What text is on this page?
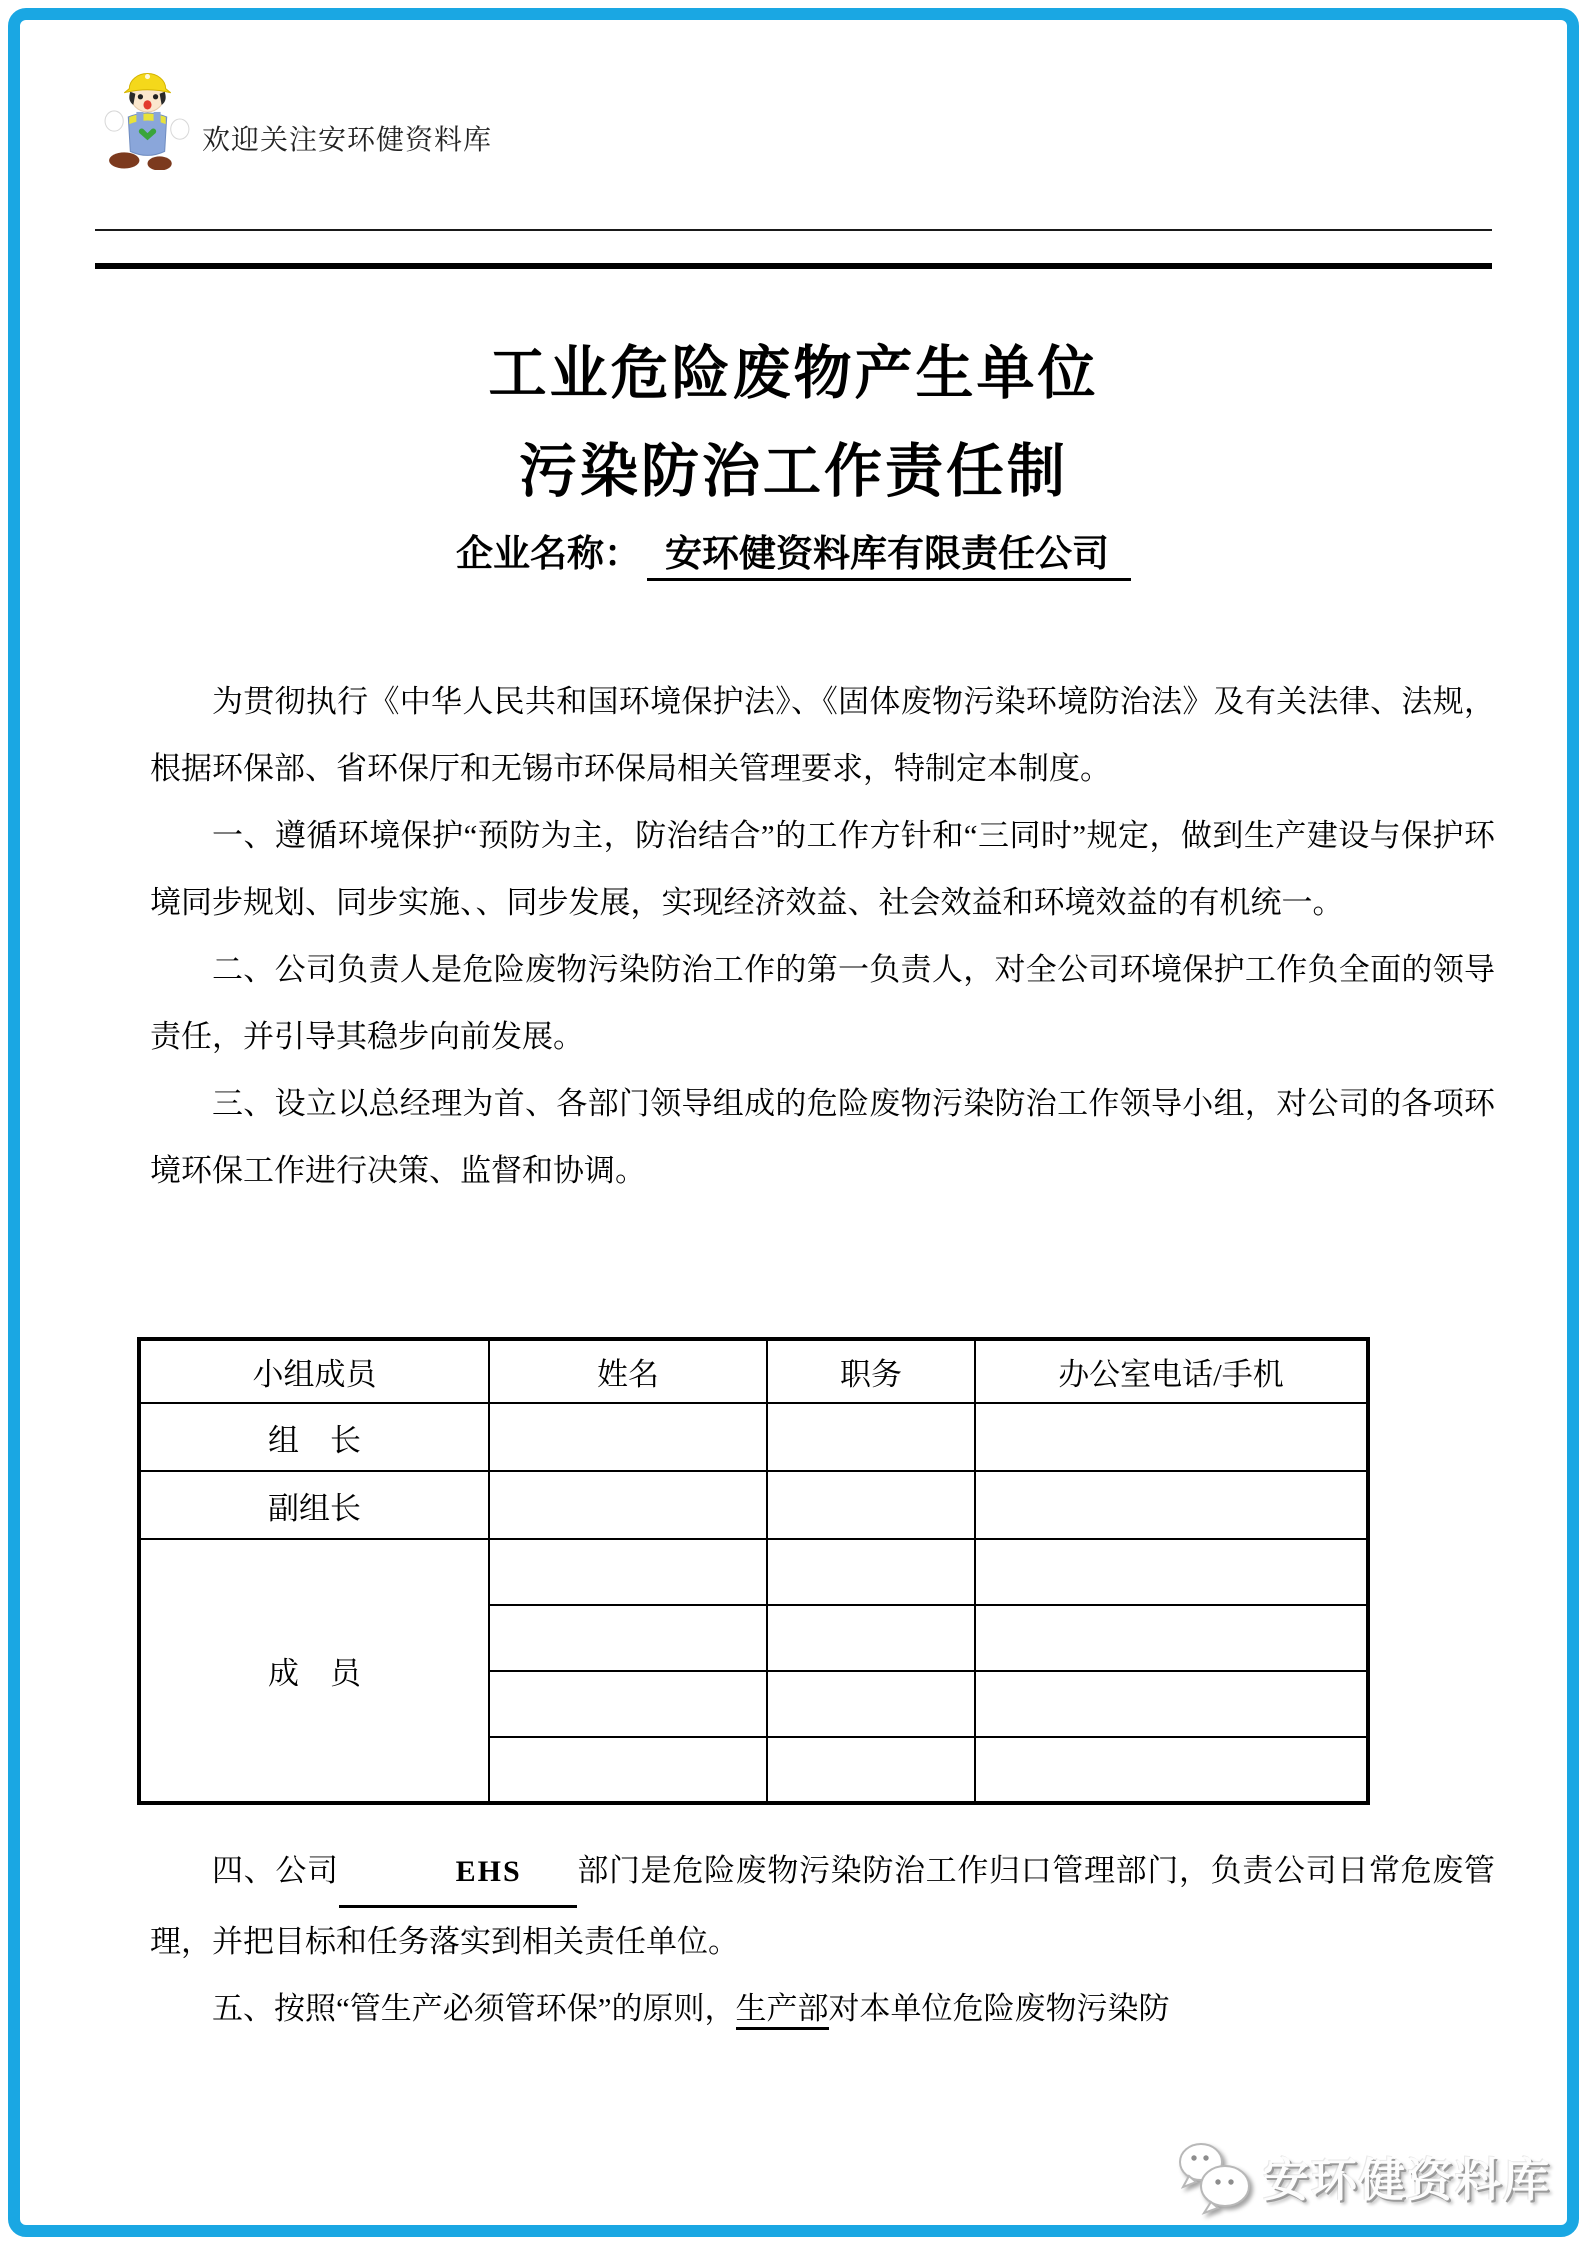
欢迎关注安环健资料库
工业危险废物产生单位
污染防治工作责任制
企业名称： 安环健资料库有限责任公司

为贯彻执行《中华人民共和国环境保护法》、《固体废物污染环境防治法》及有关法律、法规，根据环保部、省环保厅和无锡市环保局相关管理要求，特制定本制度。

一、遵循环境保护“预防为主，防治结合”的工作方针和“三同时”规定，做到生产建设与保护环境同步规划、同步实施、、同步发展，实现经济效益、社会效益和环境效益的有机统一。

二、公司负责人是危险废物污染防治工作的第一负责人，对全公司环境保护工作负全面的领导责任，并引导其稳步向前发展。

三、设立以总经理为首、各部门领导组成的危险废物污染防治工作领导小组，对公司的各项环境环保工作进行决策、监督和协调。

小组成员	姓名	职务	办公室电话/手机
组　长			
副组长			
成　员			

四、公司	EHS 部门是危险废物污染防治工作归口管理部门，负责公司日常危废管理，并把目标和任务落实到相关责任单位。

五、按照“管生产必须管环保”的原则，生产部对本单位危险废物污染防

安环健资料库
